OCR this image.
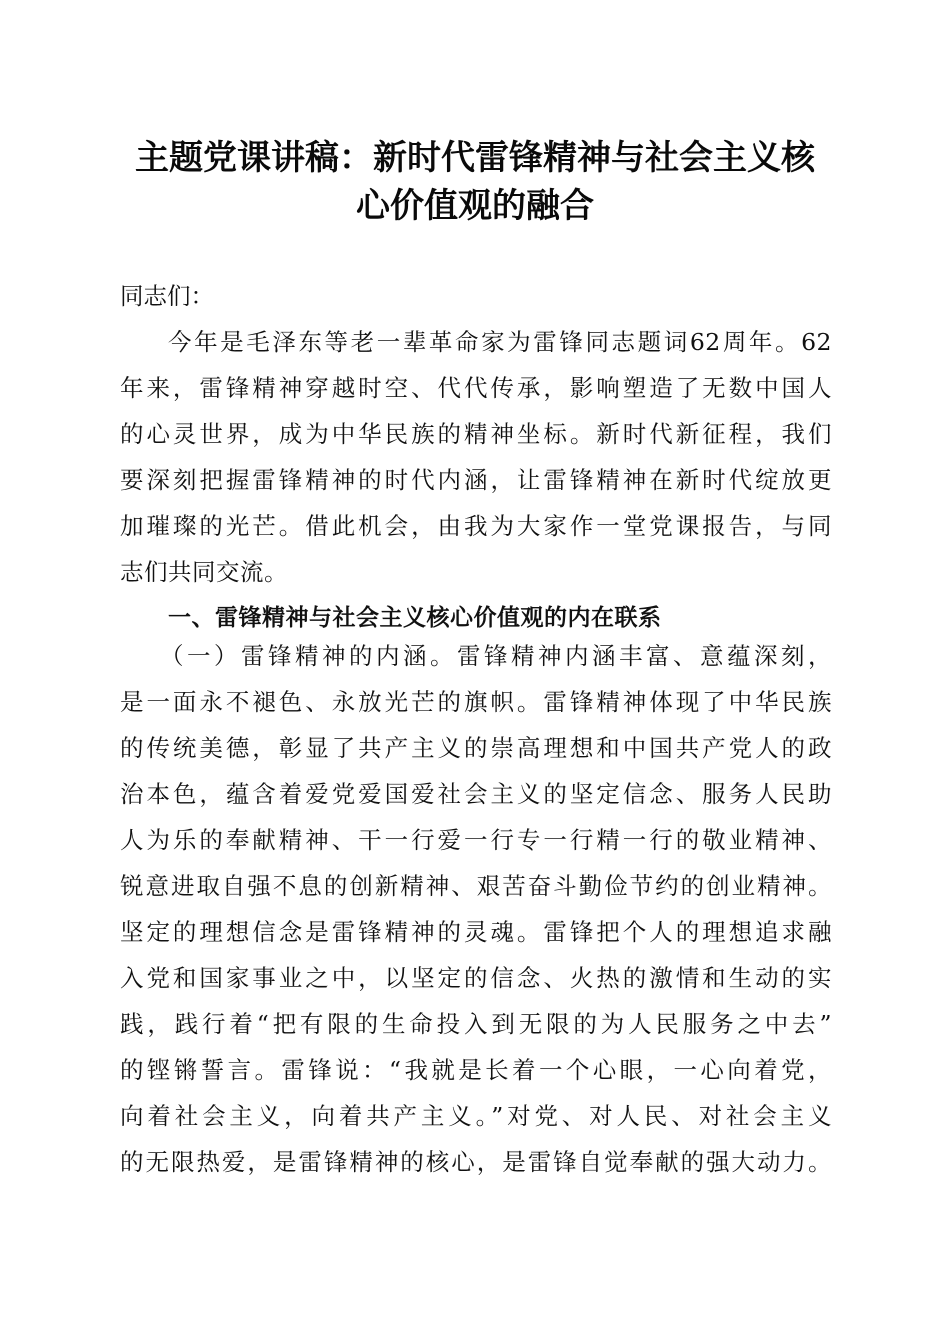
主题党课讲稿：新时代雷锋精神与社会主义核
心价值观的融合
同志们：
今年是毛泽东等老一辈革命家为雷锋同志题词62周年。62
年来，雷锋精神穿越时空、代代传承，影响塑造了无数中国人
的心灵世界，成为中华民族的精神坐标。新时代新征程，我们
要深刻把握雷锋精神的时代内涵，让雷锋精神在新时代绽放更
加璀璨的光芒。借此机会，由我为大家作一堂党课报告，与同
志们共同交流。
一、雷锋精神与社会主义核心价值观的内在联系
（一）雷锋精神的内涵。雷锋精神内涵丰富、意蕴深刻，
是一面永不褪色、永放光芒的旗帜。雷锋精神体现了中华民族
的传统美德，彰显了共产主义的崇高理想和中国共产党人的政
治本色，蕴含着爱党爱国爱社会主义的坚定信念、服务人民助
人为乐的奉献精神、干一行爱一行专一行精一行的敬业精神、
锐意进取自强不息的创新精神、艰苦奋斗勤俭节约的创业精神。
坚定的理想信念是雷锋精神的灵魂。雷锋把个人的理想追求融
入党和国家事业之中，以坚定的信念、火热的激情和生动的实
践，践行着“把有限的生命投入到无限的为人民服务之中去”
的铿锵誓言。雷锋说：“我就是长着一个心眼，一心向着党，
向着社会主义，向着共产主义。”对党、对人民、对社会主义
的无限热爱，是雷锋精神的核心，是雷锋自觉奉献的强大动力。
